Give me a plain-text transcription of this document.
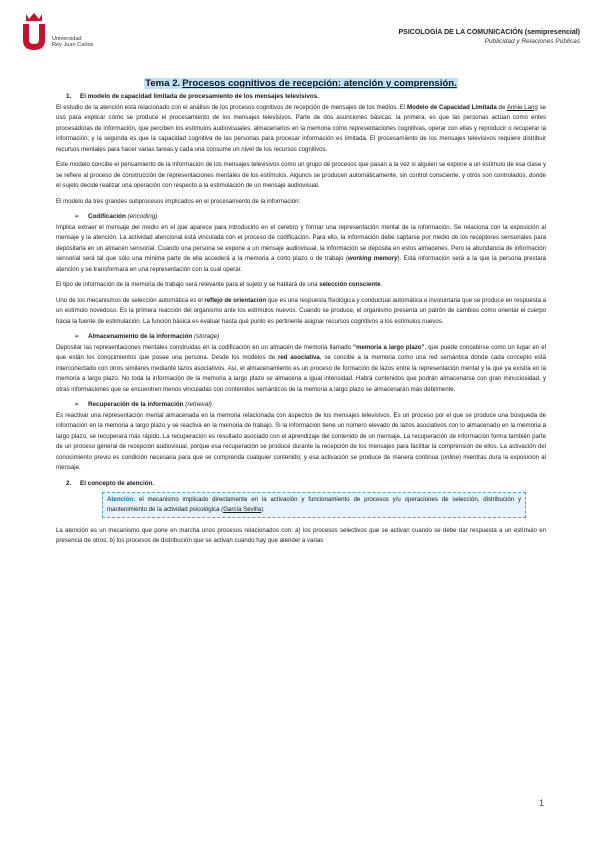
Universidad
Rey Juan Carlos
PSICOLOGÍA DE LA COMUNICACIÓN (semipresencial)
Publicidad y Relaciones Públicas
Tema 2. Procesos cognitivos de recepción: atención y comprensión.
1. El modelo de capacidad limitada de procesamiento de los mensajes televisivos.

El estudio de la atención está relacionado con el análisis de los procesos cognitivos de recepción de mensajes de los medios. El Modelo de Capacidad Limitada de Annie Lang se usó para explicar cómo se produce el procesamiento de los mensajes televisivos. Parte de dos asunciones básicas: la primera, es que las personas actúan como entes procesadoras de información, que perciben los estímulos audiovisuales, almacenarlos en la memoria como representaciones cognitivas, operar con ellas y reproducir o recuperar la información; y la segunda es que la capacidad cognitiva de las personas para procesar información es limitada. El procesamiento de los mensajes televisivos requiere distribuir recursos mentales para hacer varias tareas y cada una consume un nivel de los recursos cognitivos.

Este modelo concibe el pensamiento de la información de los mensajes televisivos como un grupo de procesos que pasan a la vez si alguien se expone a un estímulo de esa clase y se refiere al proceso de construcción de representaciones mentales de los estímulos. Algunos se producen automáticamente, sin control consciente; y otros son controlados, donde el sujeto decide realizar una operación con respecto a la estimulación de un mensaje audiovisual.

El modelo da tres grandes subprocesos implicados en el procesamiento de la información:

➢ Codificación (encoding)

Implica extraer el mensaje del medio en el que aparece para introducirlo en el cerebro y formar una representación mental de la información. Se relaciona con la exposición al mensaje y la atención. La actividad atencional está vinculada con el proceso de codificación. Para ello, la información debe captarse por medio de los receptores sensoriales para depositarla en un almacén sensorial. Cuando una persona se expone a un mensaje audiovisual, la información se deposita en estos almacenes. Pero la abundancia de información sensorial será tal que sólo una mínima parte de ella accederá a la memoria a corto plazo o de trabajo (working memory). Está información será a la que la persona prestará atención y se transformará en una representación con la cual operar.

El tipo de información de la memoria de trabajo será relevante para el sujeto y se hablará de una selección consciente.

Uno de los mecanismos de selección automática es el reflejo de orientación que es una respuesta fisiológica y conductual automática e involuntaria que se produce en respuesta a un estímulo novedoso. Es la primera reacción del organismo ante los estímulos nuevos. Cuando se produce, el organismo presenta un patrón de cambios como orientar el cuerpo hacia la fuente de estimulación. La función básica es evaluar hasta qué punto es pertinente asignar recursos cognitivos a los estímulos nuevos.

➢ Almacenamiento de la información (storage)

Depositar las representaciones mentales construidas en la codificación en un almacén de memoria llamado “memoria a largo plazo”, que puede concebirse como un lugar en el que están los conocimientos que posee una persona. Desde los modelos de red asociativa, se concibe a la memoria como una red semántica donde cada concepto está interconectado con otros similares mediante lazos asociativos. Así, el almacenamiento es un proceso de formación de lazos entre la representación mental y la que ya existía en la memoria a largo plazo. No toda la información de la memoria a largo plazo se almacena a igual intensidad. Habrá contenidos que podrán almacenarse con gran minuciosidad, y otras informaciones que se encuentren menos vinculadas con contenidos semánticos de la memoria a largo plazo se almacenarán más débilmente.

➢ Recuperación de la información (retrieval)

Es reactivar una representación mental almacenada en la memoria relacionada con aspectos de los mensajes televisivos. Es un proceso por el que se produce una búsqueda de información en la memoria a largo plazo y se reactiva en la memoria de trabajo. Si la información tiene un número elevado de lazos asociativos con lo almacenado en la memoria a largo plazo, se recuperará más rápido. La recuperación es resultado asociado con el aprendizaje del contenido de un mensaje. La recuperación de información forma también parte de un proceso general de recepción audiovisual, porque esa recuperación se produce durante la recepción de los mensajes para facilitar la comprensión de ellos. La activación del conocimiento previo es condición necesaria para que se comprenda cualquier contenido; y esa activación se produce de manera continua (online) mientras dura la exposición al mensaje.

2. El concepto de atención.

Atención: el mecanismo implicado directamente en la activación y funcionamiento de procesos y/u operaciones de selección, distribución y mantenimiento de la actividad psicológica (García Sevilla).

La atención es un mecanismo que pone en marcha unos procesos relacionados con: a) los procesos selectivos que se activan cuando se debe dar respuesta a un estímulo en presencia de otros; b) los procesos de distribución que se activan cuando hay que atender a varias

1
